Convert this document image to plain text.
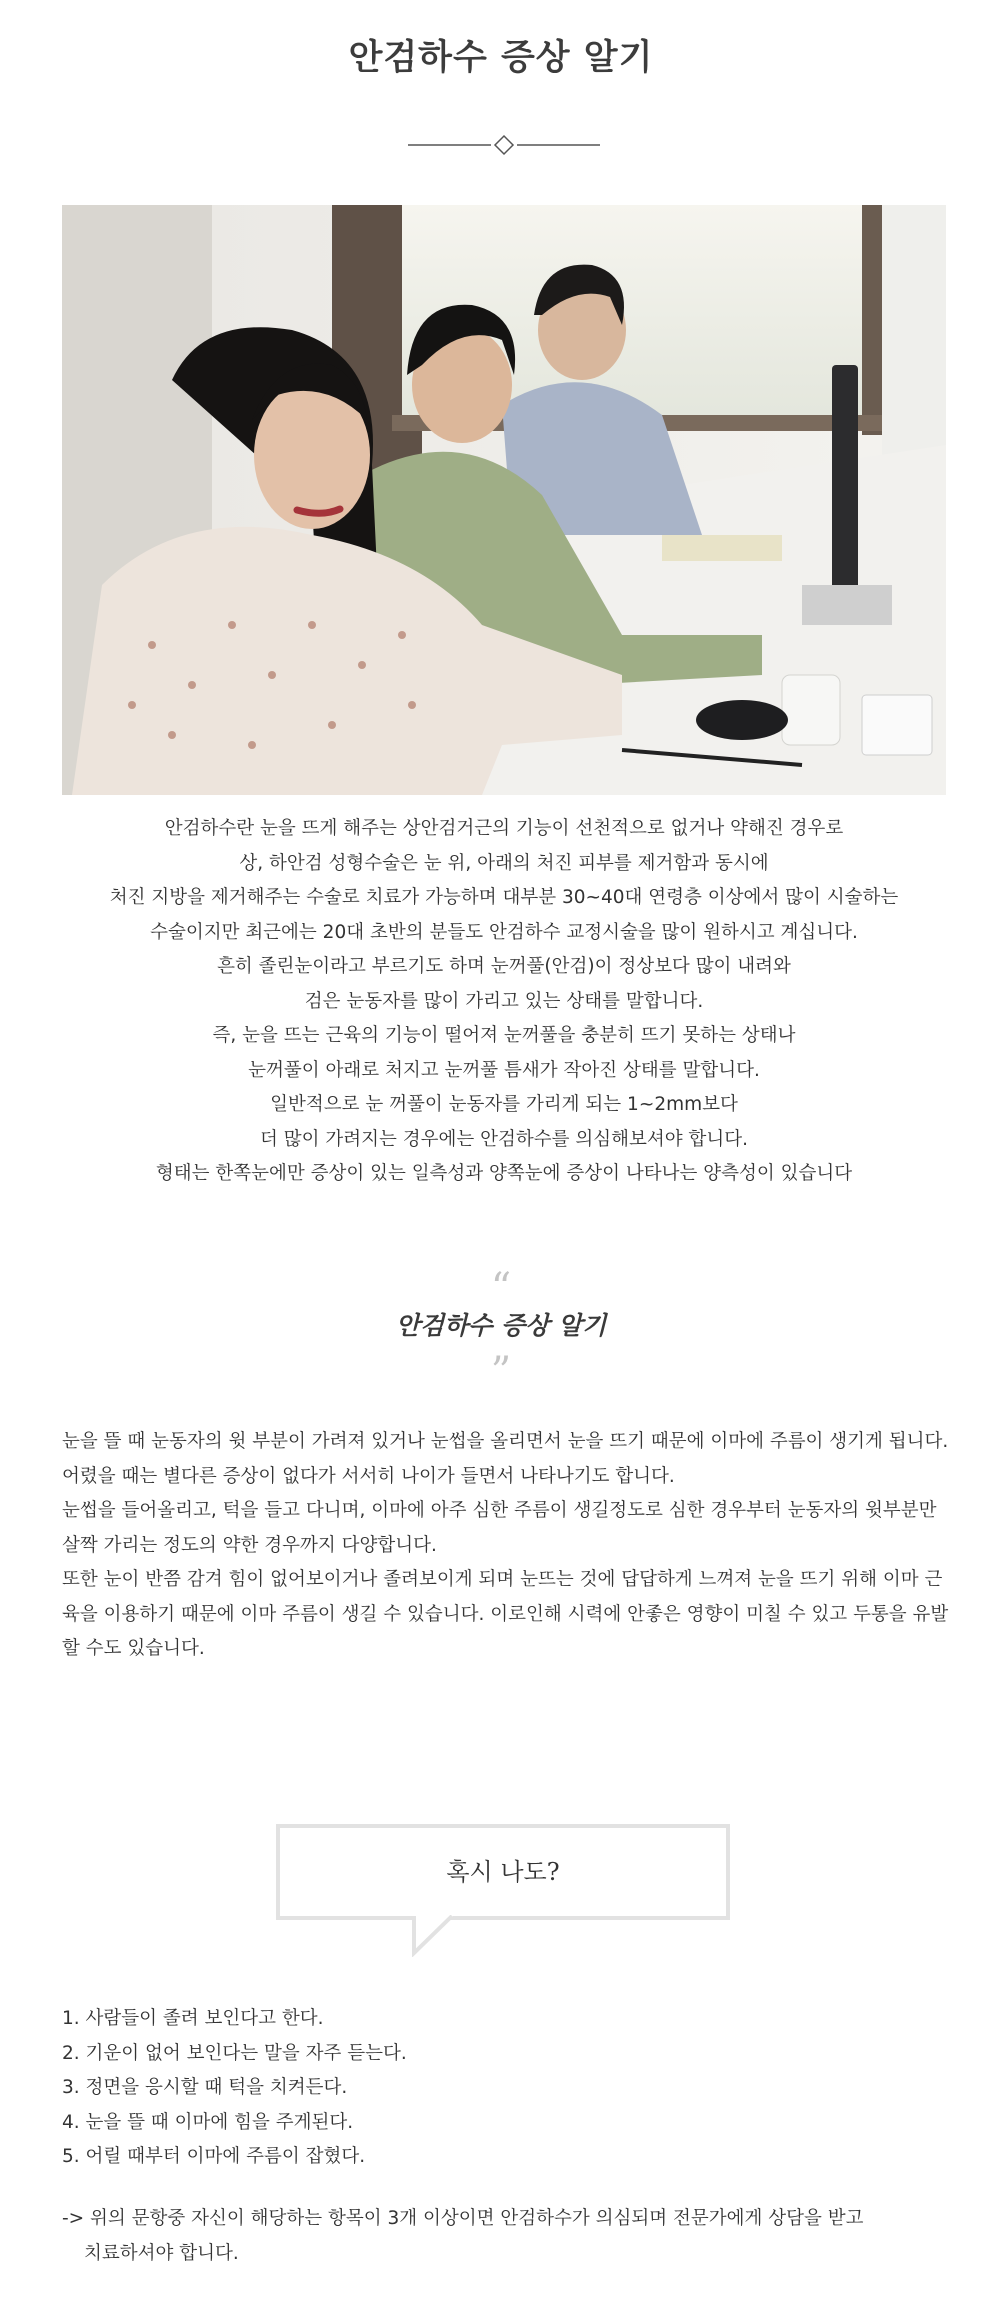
안검하수 증상 알기

안검하수란 눈을 뜨게 해주는 상안검거근의 기능이 선천적으로 없거나 약해진 경우로

상, 하안검 성형수술은 눈 위, 아래의 처진 피부를 제거함과 동시에

처진 지방을 제거해주는 수술로 치료가 가능하며 대부분 30~40대 연령층 이상에서 많이 시술하는

수술이지만 최근에는 20대 초반의 분들도 안검하수 교정시술을 많이 원하시고 계십니다.

흔히 졸린눈이라고 부르기도 하며 눈꺼풀(안검)이 정상보다 많이 내려와

검은 눈동자를 많이 가리고 있는 상태를 말합니다.

즉, 눈을 뜨는 근육의 기능이 떨어져 눈꺼풀을 충분히 뜨기 못하는 상태나

눈꺼풀이 아래로 처지고 눈꺼풀 틈새가 작아진 상태를 말합니다.

일반적으로 눈 꺼풀이 눈동자를 가리게 되는 1~2mm보다

더 많이 가려지는 경우에는 안검하수를 의심해보셔야 합니다.

형태는 한쪽눈에만 증상이 있는 일측성과 양쪽눈에 증상이 나타나는 양측성이 있습니다

“
안검하수 증상 알기
”

눈을 뜰 때 눈동자의 윗 부분이 가려져 있거나 눈썹을 올리면서 눈을 뜨기 때문에 이마에 주름이 생기게 됩니다. 어렸을 때는 별다른 증상이 없다가 서서히 나이가 들면서 나타나기도 합니다.

눈썹을 들어올리고, 턱을 들고 다니며, 이마에 아주 심한 주름이 생길정도로 심한 경우부터 눈동자의 윗부분만 살짝 가리는 정도의 약한 경우까지 다양합니다.

또한 눈이 반쯤 감겨 힘이 없어보이거나 졸려보이게 되며 눈뜨는 것에 답답하게 느껴져 눈을 뜨기 위해 이마 근육을 이용하기 때문에 이마 주름이 생길 수 있습니다. 이로인해 시력에 안좋은 영향이 미칠 수 있고 두통을 유발할 수도 있습니다.

혹시 나도?
1. 사람들이 졸려 보인다고 한다.
2. 기운이 없어 보인다는 말을 자주 듣는다.
3. 정면을 응시할 때 턱을 치켜든다.
4. 눈을 뜰 때 이마에 힘을 주게된다.
5. 어릴 때부터 이마에 주름이 잡혔다.

-> 위의 문항중 자신이 해당하는 항목이 3개 이상이면 안검하수가 의심되며 전문가에게 상담을 받고

치료하셔야 합니다.
